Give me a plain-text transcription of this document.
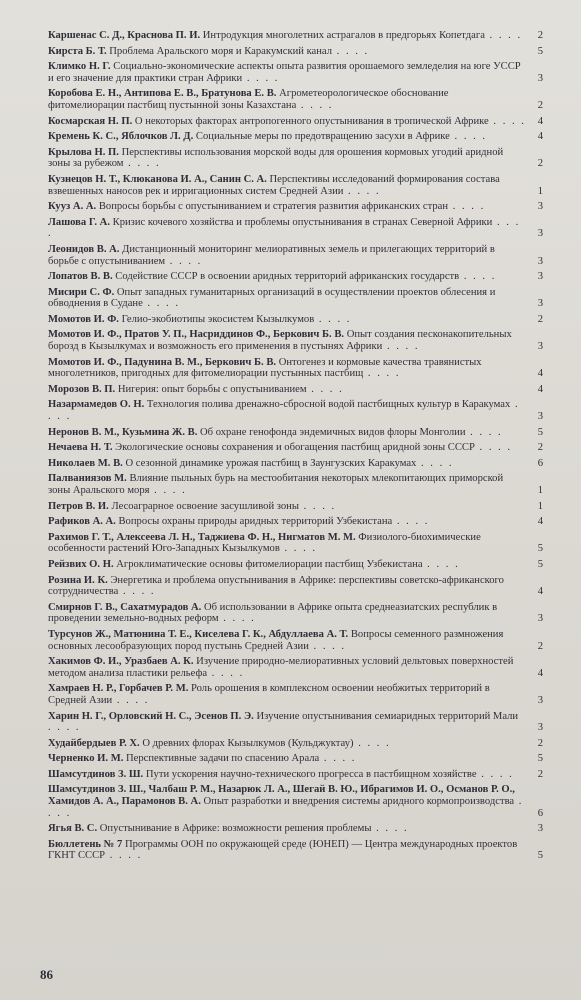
Каршенас С. Д., Краснова П. И. Интродукция многолетних астрагалов в предгорьях Копетдага . . . .	2
Кирста Б. Т. Проблема Аральского моря и Каракумский канал . . . .	5
Климко Н. Г. Социально-экономические аспекты опыта развития орошаемого земледелия на юге УССР и его значение для практики стран Африки . . . .	3
Коробова Е. Н., Антипова Е. В., Братунова Е. В. Агрометеорологическое обоснование фитомелиорации пастбищ пустынной зоны Казахстана . . . .	2
Космарская Н. П. О некоторых факторах антропогенного опустынивания в тропической Африке . . . .	4
Кремень К. С., Яблочков Л. Д. Социальные меры по предотвращению засухи в Африке . . . .	4
Крылова Н. П. Перспективы использования морской воды для орошения кормовых угодий аридной зоны за рубежом . . . .	2
Кузнецов Н. Т., Клюканова И. А., Санин С. А. Перспективы исследований формирования состава взвешенных наносов рек и ирригационных систем Средней Азии . . . .	1
Кууз А. А. Вопросы борьбы с опустыниванием и стратегия развития африканских стран . . . .	3
Лашова Г. А. Кризис кочевого хозяйства и проблемы опустынивания в странах Северной Африки . . . .	3
Леонидов В. А. Дистанционный мониторинг мелиоративных земель и прилегающих территорий в борьбе с опустыниванием . . . .	3
Лопатов В. В. Содействие СССР в освоении аридных территорий африканских государств . . . .	3
Мисири С. Ф. Опыт западных гуманитарных организаций в осуществлении проектов облесения и обводнения в Судане . . . .	3
Момотов И. Ф. Гелио-экобиотипы экосистем Кызылкумов . . . .	2
Момотов И. Ф., Пратов У. П., Насриддинов Ф., Беркович Б. В. Опыт создания песконакопительных борозд в Кызылкумах и возможность его применения в пустынях Африки . . . .	3
Момотов И. Ф., Падунина В. М., Беркович Б. В. Онтогенез и кормовые качества травянистых многолетников, пригодных для фитомелиорации пустынных пастбищ . . . .	4
Морозов В. П. Нигерия: опыт борьбы с опустыниванием . . . .	4
Назармамедов О. Н. Технология полива дренажно-сбросной водой пастбищных культур в Каракумах . . . .	3
Неронов В. М., Кузьмина Ж. В. Об охране генофонда эндемичных видов флоры Монголии . . . .	5
Нечаева Н. Т. Экологические основы сохранения и обогащения пастбищ аридной зоны СССР . . . .	2
Николаев М. В. О сезонной динамике урожая пастбищ в Заунгузских Каракумах . . . .	6
Палваниязов М. Влияние пыльных бурь на местообитания некоторых млекопитающих приморской зоны Аральского моря . . . .	1
Петров В. И. Лесоаграрное освоение засушливой зоны . . . .	1
Рафиков А. А. Вопросы охраны природы аридных территорий Узбекистана . . . .	4
Рахимов Г. Т., Алексеева Л. Н., Таджиева Ф. Н., Нигматов М. М. Физиолого-биохимические особенности растений Юго-Западных Кызылкумов . . . .	5
Рейзвих О. Н. Агроклиматические основы фитомелиорации пастбищ Узбекистана . . . .	5
Розина И. К. Энергетика и проблема опустынивания в Африке: перспективы советско-африканского сотрудничества . . . .	4
Смирнов Г. В., Сахатмурадов А. Об использовании в Африке опыта среднеазиатских республик в проведении земельно-водных реформ . . . .	3
Турсунов Ж., Матюнина Т. Е., Киселева Г. К., Абдуллаева А. Т. Вопросы семенного размножения основных лесообразующих пород пустынь Средней Азии . . . .	2
Хакимов Ф. И., Уразбаев А. К. Изучение природно-мелиоративных условий дельтовых поверхностей методом анализа пластики рельефа . . . .	4
Хамраев Н. Р., Горбачев Р. М. Роль орошения в комплексном освоении необжитых территорий в Средней Азии . . . .	3
Харин Н. Г., Орловский Н. С., Эсенов П. Э. Изучение опустынивания семиаридных территорий Мали . . . .	3
Худайбердыев Р. Х. О древних флорах Кызылкумов (Кульджуктау) . . . .	2
Черненко И. М. Перспективные задачи по спасению Арала . . . .	5
Шамсутдинов З. Ш. Пути ускорения научно-технического прогресса в пастбищном хозяйстве . . . .	2
Шамсутдинов З. Ш., Чалбаш Р. М., Назарюк Л. А., Шегай В. Ю., Ибрагимов И. О., Османов Р. О., Хамидов А. А., Парамонов В. А. Опыт разработки и внедрения системы аридного кормопроизводства . . . .	6
Ягья В. С. Опустынивание в Африке: возможности решения проблемы . . . .	3
Бюллетень № 7 Программы ООН по окружающей среде (ЮНЕП) — Центра международных проектов ГКНТ СССР . . . .	5
86
